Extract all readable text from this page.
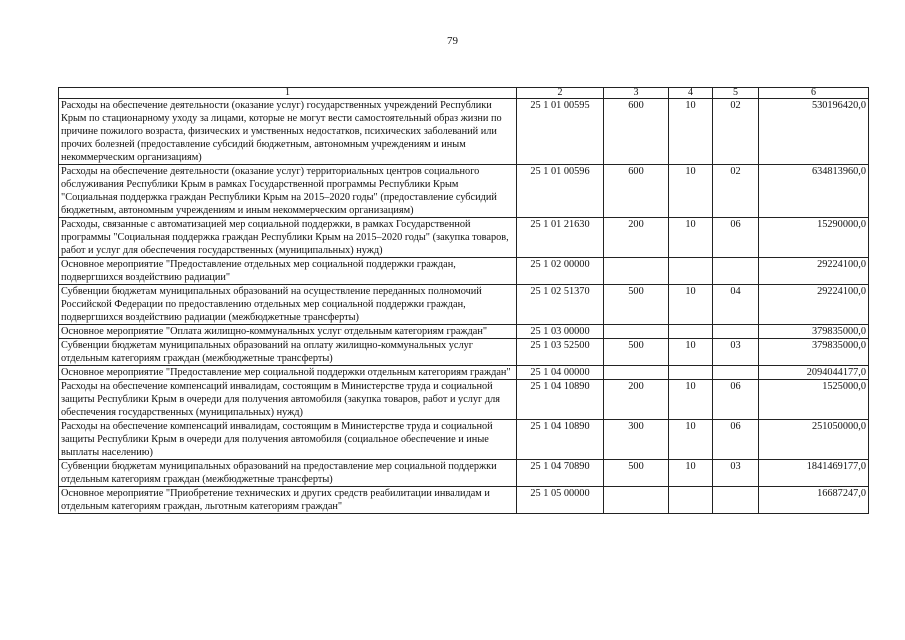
79
1	2	3	4	5	6
Расходы на обеспечение деятельности (оказание услуг) государственных учреждений Республики Крым по стационарному уходу за лицами, которые не могут вести самостоятельный образ жизни по причине пожилого возраста, физических и умственных недостатков, психических заболеваний или прочих болезней (предоставление субсидий бюджетным, автономным учреждениям и иным некоммерческим организациям)	25 1 01 00595	600	10	02	530196420,0
Расходы на обеспечение деятельности (оказание услуг) территориальных центров социального обслуживания Республики Крым в рамках Государственной программы Республики Крым "Социальная поддержка граждан Республики Крым на 2015–2020 годы" (предоставление субсидий бюджетным, автономным учреждениям и иным некоммерческим организациям)	25 1 01 00596	600	10	02	634813960,0
Расходы, связанные с автоматизацией мер социальной поддержки, в рамках Государственной программы "Социальная поддержка граждан Республики Крым на 2015–2020 годы" (закупка товаров, работ и услуг для обеспечения государственных (муниципальных) нужд)	25 1 01 21630	200	10	06	15290000,0
Основное мероприятие "Предоставление отдельных мер социальной поддержки граждан, подвергшихся воздействию радиации"	25 1 02 00000				29224100,0
Субвенции бюджетам муниципальных образований на осуществление переданных полномочий Российской Федерации по предоставлению отдельных мер социальной поддержки граждан, подвергшихся воздействию радиации (межбюджетные трансферты)	25 1 02 51370	500	10	04	29224100,0
Основное мероприятие "Оплата жилищно-коммунальных услуг отдельным категориям граждан"	25 1 03 00000				379835000,0
Субвенции бюджетам муниципальных образований на оплату жилищно-коммунальных услуг отдельным категориям граждан (межбюджетные трансферты)	25 1 03 52500	500	10	03	379835000,0
Основное мероприятие "Предоставление мер социальной поддержки отдельным категориям граждан"	25 1 04 00000				2094044177,0
Расходы на обеспечение компенсаций инвалидам, состоящим в Министерстве труда и социальной защиты Республики Крым в очереди для получения автомобиля (закупка товаров, работ и услуг для обеспечения государственных (муниципальных) нужд)	25 1 04 10890	200	10	06	1525000,0
Расходы на обеспечение компенсаций инвалидам, состоящим в Министерстве труда и социальной защиты Республики Крым в очереди для получения автомобиля (социальное обеспечение и иные выплаты населению)	25 1 04 10890	300	10	06	251050000,0
Субвенции бюджетам муниципальных образований на предоставление мер социальной поддержки отдельным категориям граждан (межбюджетные трансферты)	25 1 04 70890	500	10	03	1841469177,0
Основное мероприятие "Приобретение технических и других средств реабилитации инвалидам и отдельным категориям граждан, льготным категориям граждан"	25 1 05 00000				16687247,0
